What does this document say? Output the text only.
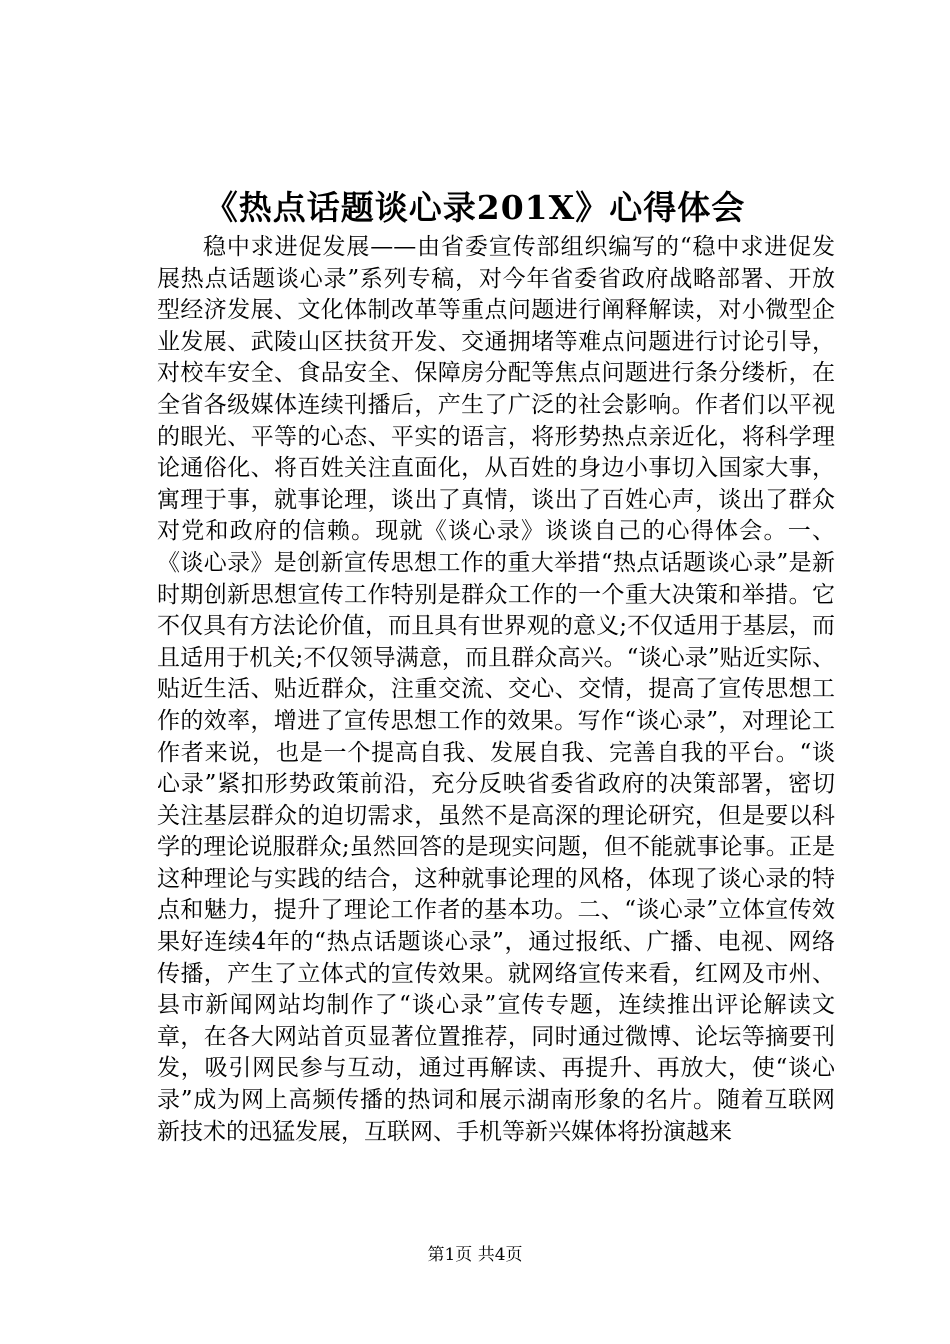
《热点话题谈心录201X》心得体会

稳中求进促发展——由省委宣传部组织编写的“稳中求进促发展热点话题谈心录”系列专稿，对今年省委省政府战略部署、开放型经济发展、文化体制改革等重点问题进行阐释解读，对小微型企业发展、武陵山区扶贫开发、交通拥堵等难点问题进行讨论引导，对校车安全、食品安全、保障房分配等焦点问题进行条分缕析，在全省各级媒体连续刊播后，产生了广泛的社会影响。作者们以平视的眼光、平等的心态、平实的语言，将形势热点亲近化，将科学理论通俗化、将百姓关注直面化，从百姓的身边小事切入国家大事，寓理于事，就事论理，谈出了真情，谈出了百姓心声，谈出了群众对党和政府的信赖。现就《谈心录》谈谈自己的心得体会。一、《谈心录》是创新宣传思想工作的重大举措“热点话题谈心录”是新时期创新思想宣传工作特别是群众工作的一个重大决策和举措。它不仅具有方法论价值，而且具有世界观的意义;不仅适用于基层，而且适用于机关;不仅领导满意，而且群众高兴。“谈心录”贴近实际、贴近生活、贴近群众，注重交流、交心、交情，提高了宣传思想工作的效率，增进了宣传思想工作的效果。写作“谈心录”，对理论工作者来说，也是一个提高自我、发展自我、完善自我的平台。“谈心录”紧扣形势政策前沿，充分反映省委省政府的决策部署，密切关注基层群众的迫切需求，虽然不是高深的理论研究，但是要以科学的理论说服群众;虽然回答的是现实问题，但不能就事论事。正是这种理论与实践的结合，这种就事论理的风格，体现了谈心录的特点和魅力，提升了理论工作者的基本功。二、“谈心录”立体宣传效果好连续4年的“热点话题谈心录”，通过报纸、广播、电视、网络传播，产生了立体式的宣传效果。就网络宣传来看，红网及市州、县市新闻网站均制作了“谈心录”宣传专题，连续推出评论解读文章，在各大网站首页显著位置推荐，同时通过微博、论坛等摘要刊发，吸引网民参与互动，通过再解读、再提升、再放大，使“谈心录”成为网上高频传播的热词和展示湖南形象的名片。随着互联网新技术的迅猛发展，互联网、手机等新兴媒体将扮演越来

第1页 共4页
